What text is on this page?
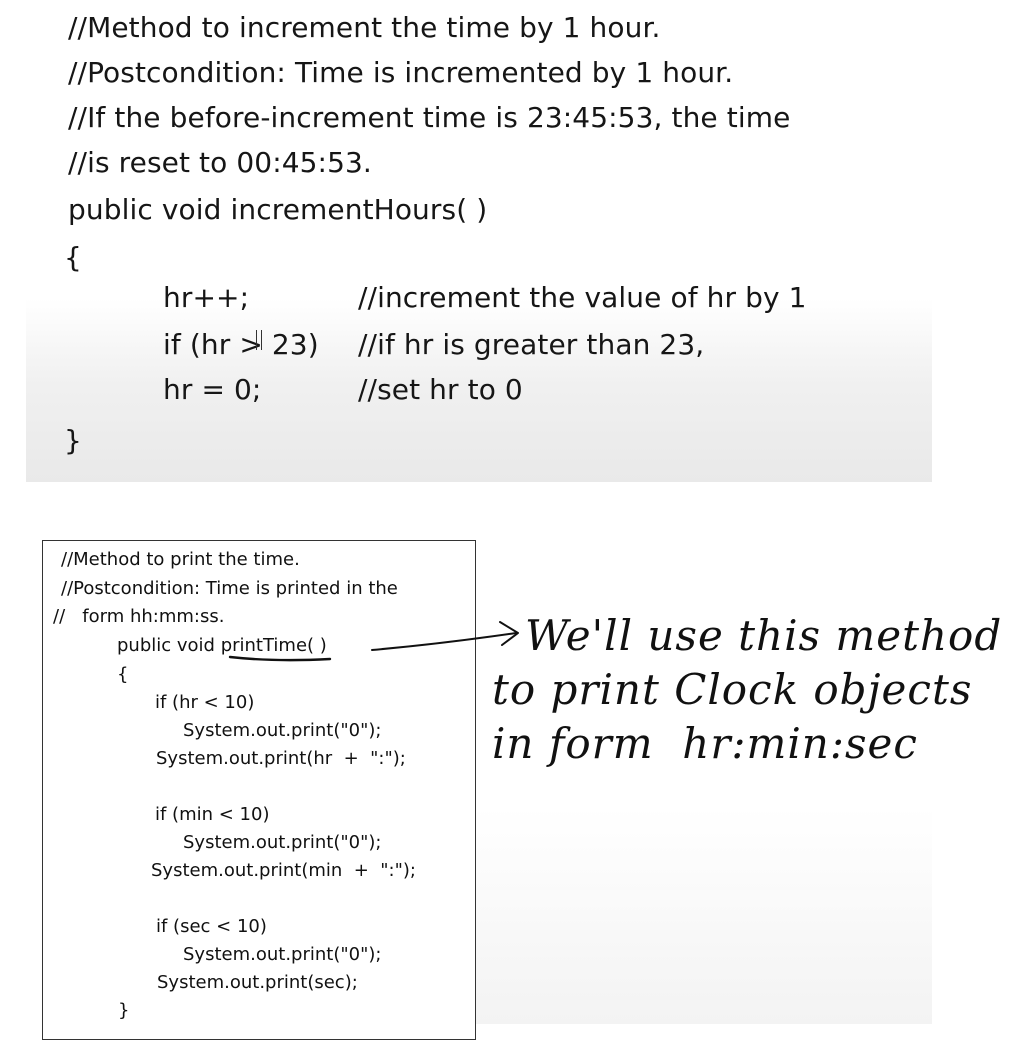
//Method to increment the time by 1 hour.
//Postcondition: Time is incremented by 1 hour.
//If the before-increment time is 23:45:53, the time
//is reset to 00:45:53.
public void incrementHours( )
{
hr++;	//increment the value of hr by 1
if (hr > 23) //if hr is greater than 23,
hr = 0;	//set hr to 0
}
//Method to print the time.
//Postcondition: Time is printed in the
//   form hh:mm:ss.
public void printTime( )
{
if (hr < 10)
System.out.print("0");
System.out.print(hr  +  ":");
if (min < 10)
System.out.print("0");
System.out.print(min  +  ":");
if (sec < 10)
System.out.print("0");
System.out.print(sec);
}
We'll use this method
to print Clock objects
in form  hr:min:sec
